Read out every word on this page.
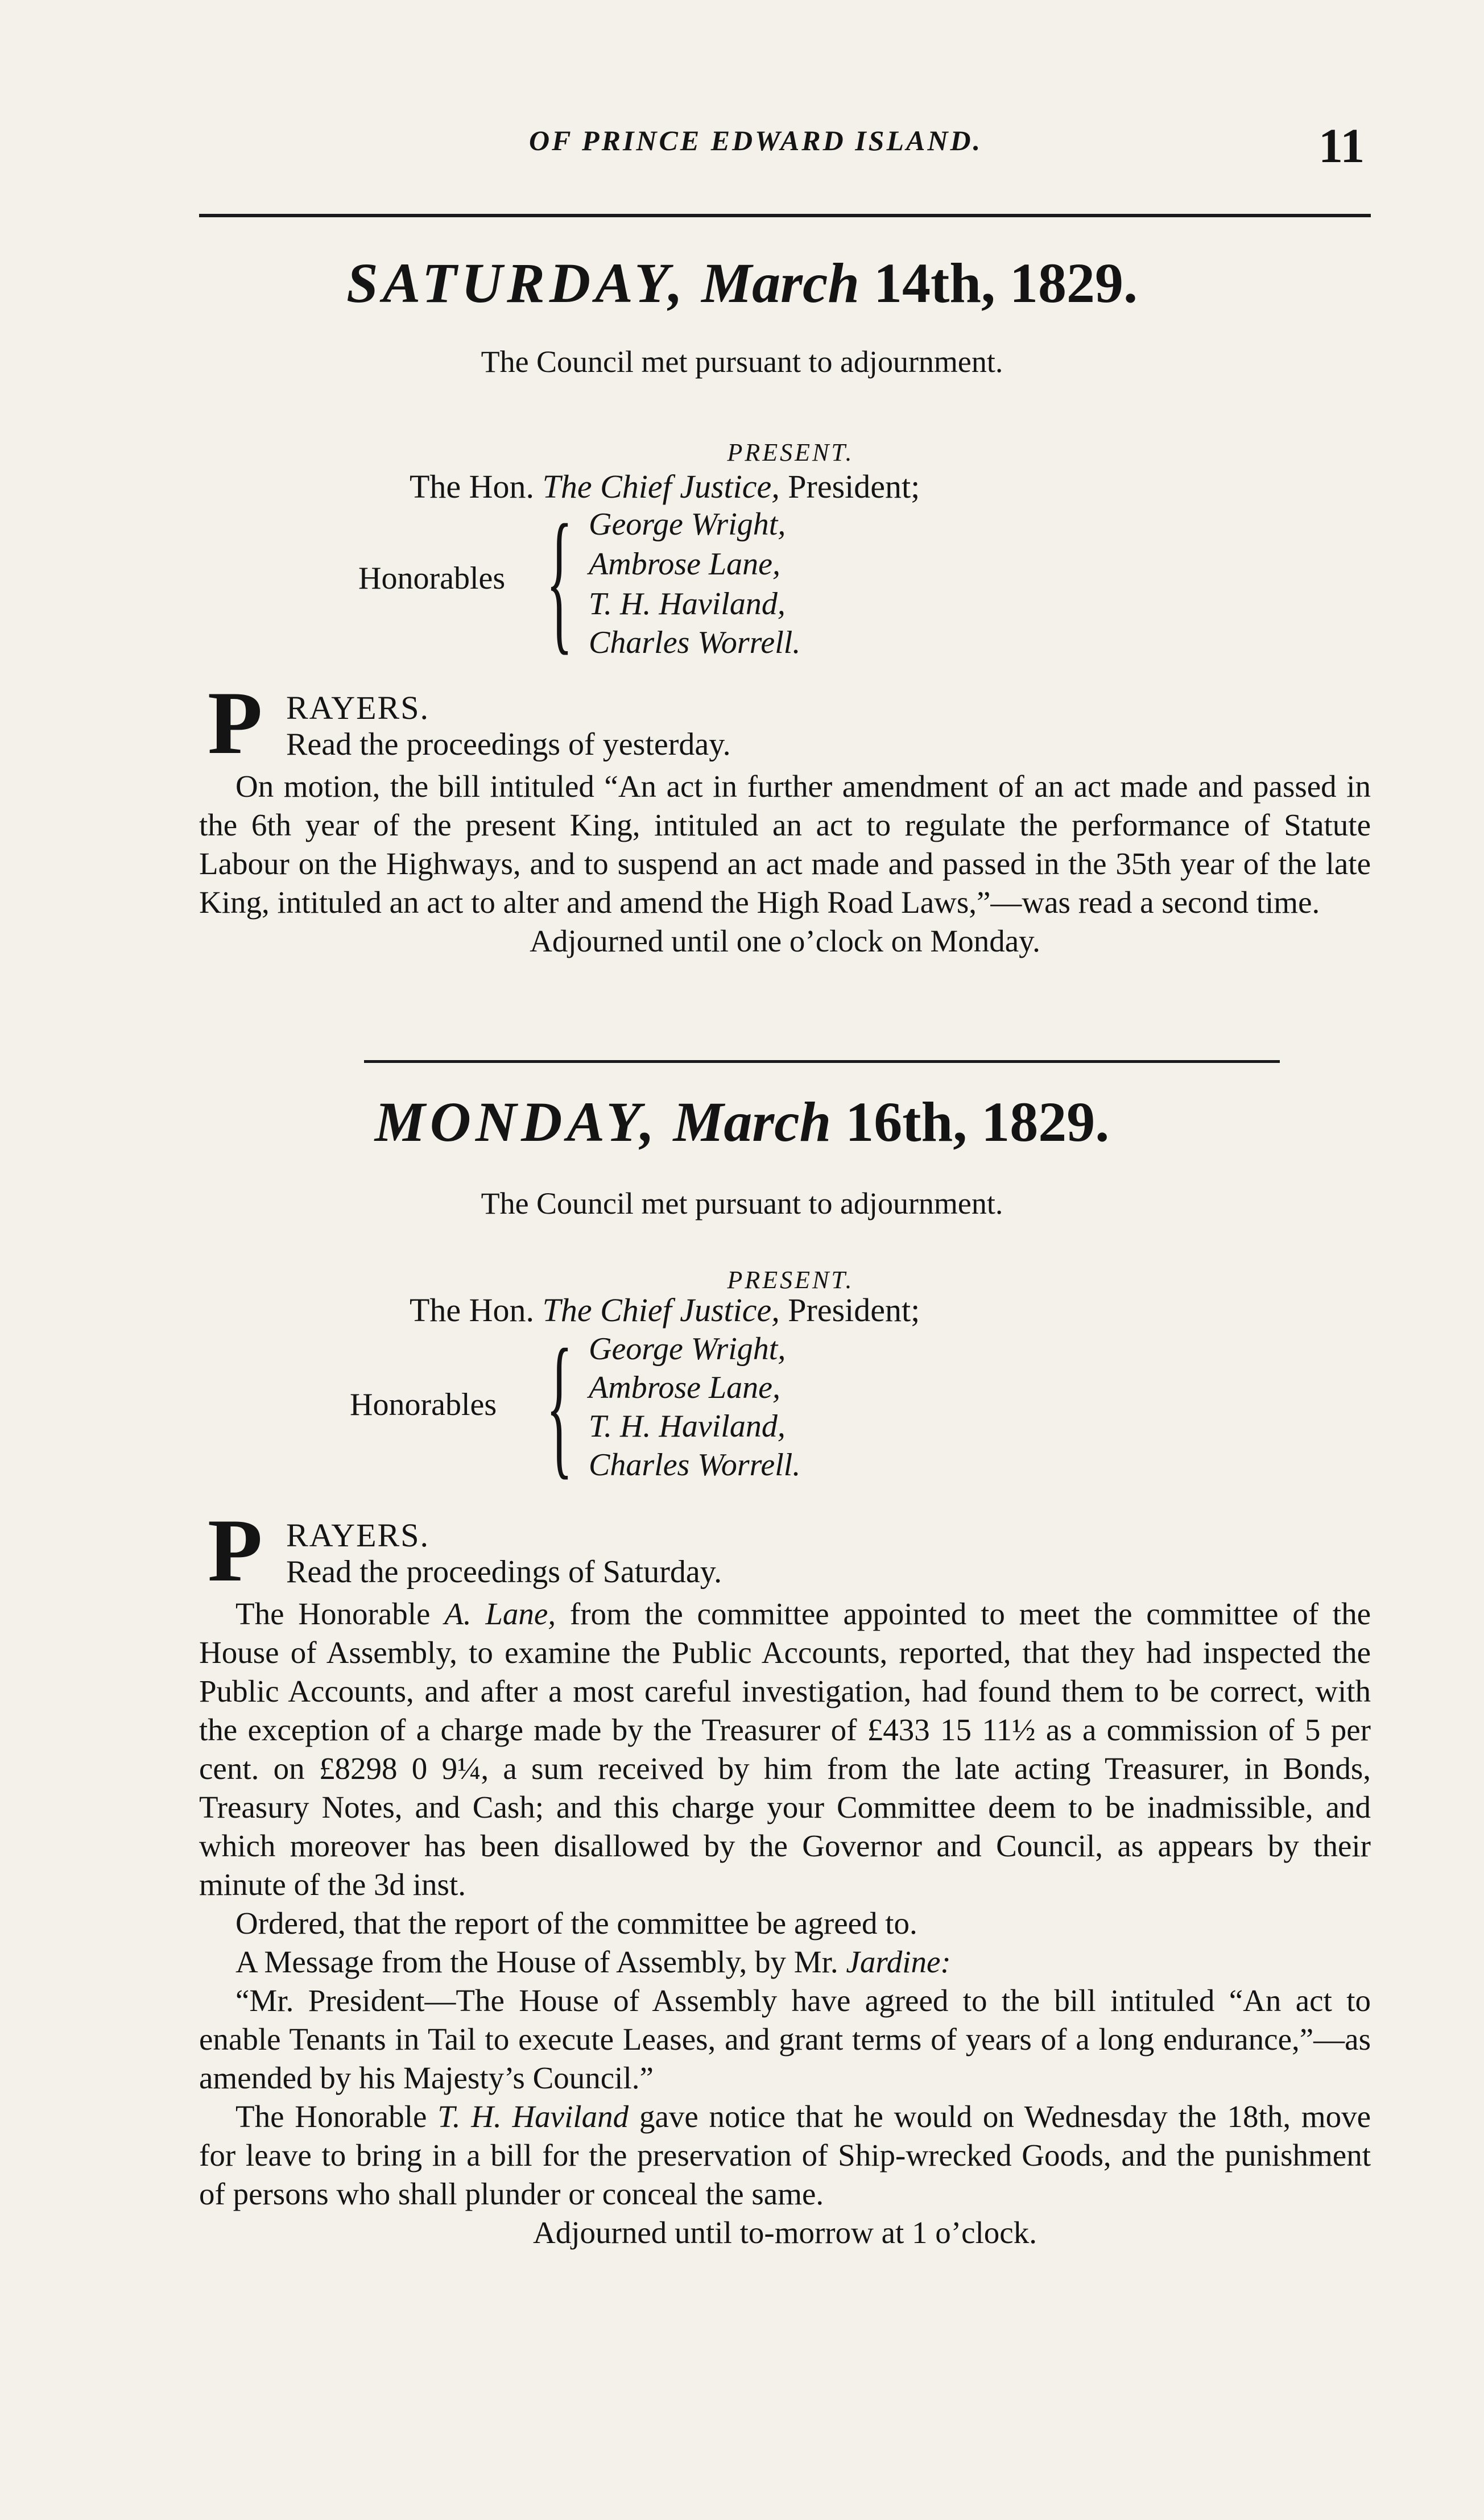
OF PRINCE EDWARD ISLAND.	11
SATURDAY, March 14th, 1829.
The Council met pursuant to adjournment.
PRESENT.
The Hon. The Chief Justice, President;
Honorables { George Wright,
Ambrose Lane,
T. H. Haviland,
Charles Worrell.
P RAYERS.
Read the proceedings of yesterday.

On motion, the bill intituled “An act in further amendment of an act made and passed in the 6th year of the present King, intituled an act to regulate the performance of Statute Labour on the Highways, and to suspend an act made and passed in the 35th year of the late King, intituled an act to alter and amend the High Road Laws,”—was read a second time.

Adjourned until one o’clock on Monday.

MONDAY, March 16th, 1829.
The Council met pursuant to adjournment.
PRESENT.
The Hon. The Chief Justice, President;
Honorables { George Wright,
Ambrose Lane,
T. H. Haviland,
Charles Worrell.
P RAYERS.
Read the proceedings of Saturday.

The Honorable A. Lane, from the committee appointed to meet the committee of the House of Assembly, to examine the Public Accounts, reported, that they had inspected the Public Accounts, and after a most careful investigation, had found them to be correct, with the exception of a charge made by the Treasurer of £433 15 11½ as a commission of 5 per cent. on £8298 0 9¼, a sum received by him from the late acting Treasurer, in Bonds, Treasury Notes, and Cash; and this charge your Committee deem to be inadmissible, and which moreover has been disallowed by the Governor and Council, as appears by their minute of the 3d inst.

Ordered, that the report of the committee be agreed to.

A Message from the House of Assembly, by Mr. Jardine:

“Mr. President—The House of Assembly have agreed to the bill intituled “An act to enable Tenants in Tail to execute Leases, and grant terms of years of a long endurance,”—as amended by his Majesty’s Council.”

The Honorable T. H. Haviland gave notice that he would on Wednesday the 18th, move for leave to bring in a bill for the preservation of Ship-wrecked Goods, and the punishment of persons who shall plunder or conceal the same.

Adjourned until to-morrow at 1 o’clock.
